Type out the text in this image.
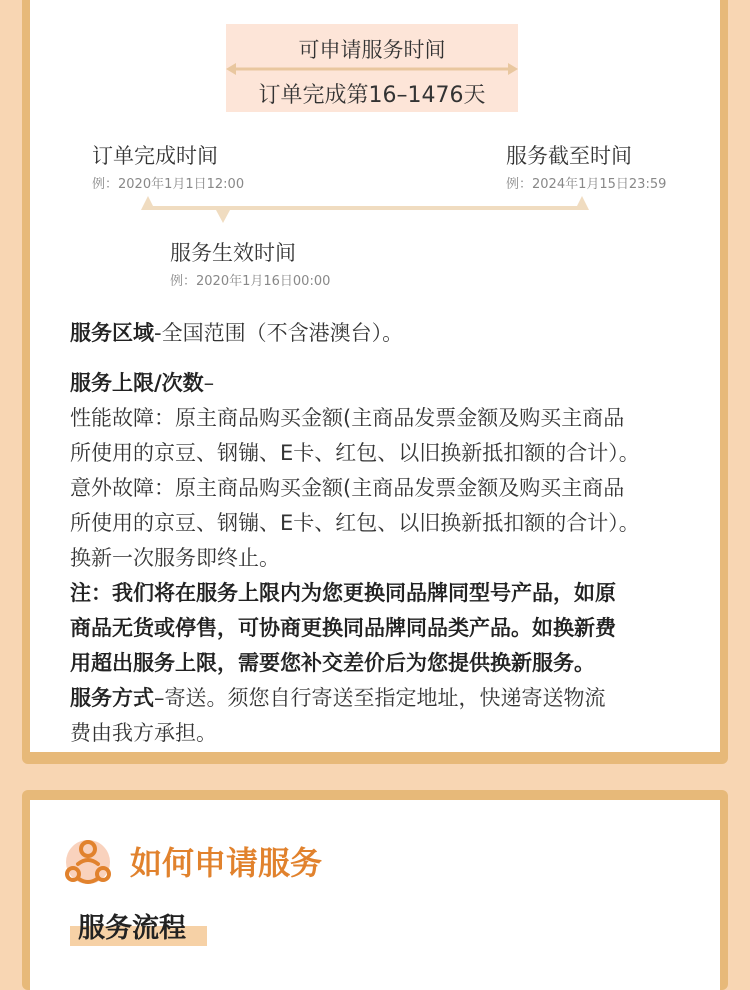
可申请服务时间
订单完成第16–1476天
订单完成时间
例：2020年1月1日12:00
服务截至时间
例：2024年1月15日23:59
服务生效时间
例：2020年1月16日00:00
服务区域-全国范围（不含港澳台）。
服务上限/次数–
性能故障：原主商品购买金额(主商品发票金额及购买主商品
所使用的京豆、钢镚、E卡、红包、以旧换新抵扣额的合计）。
意外故障：原主商品购买金额(主商品发票金额及购买主商品
所使用的京豆、钢镚、E卡、红包、以旧换新抵扣额的合计）。
换新一次服务即终止。
注：我们将在服务上限内为您更换同品牌同型号产品，如原
商品无货或停售，可协商更换同品牌同品类产品。如换新费
用超出服务上限，需要您补交差价后为您提供换新服务。
服务方式–寄送。须您自行寄送至指定地址，快递寄送物流
费由我方承担。
如何申请服务
服务流程
